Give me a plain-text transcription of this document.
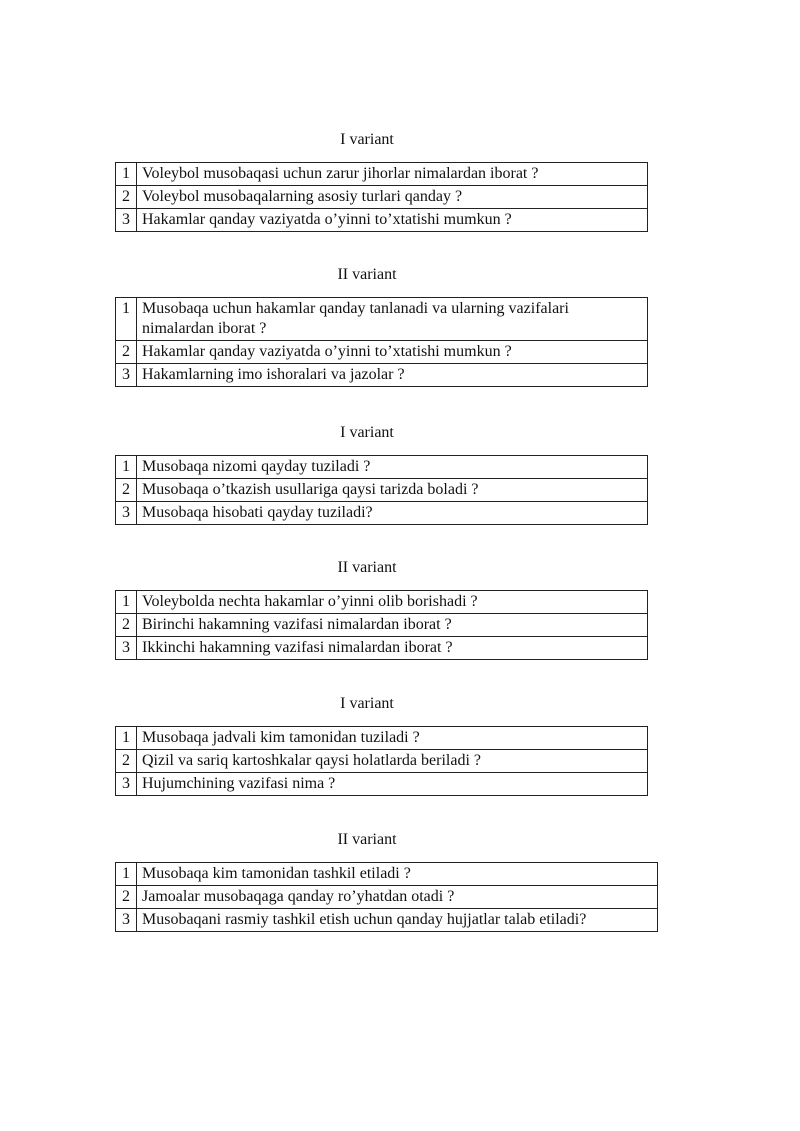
I variant
1	Voleybol musobaqasi uchun zarur jihorlar nimalardan iborat ?
2	Voleybol musobaqalarning asosiy turlari qanday ?
3	Hakamlar qanday vaziyatda o’yinni to’xtatishi mumkun ?
II variant
1	Musobaqa uchun hakamlar qanday tanlanadi va ularning vazifalari nimalardan iborat ?
2	Hakamlar qanday vaziyatda o’yinni to’xtatishi mumkun ?
3	Hakamlarning imo ishoralari va jazolar ?
I variant
1	Musobaqa nizomi qayday tuziladi ?
2	Musobaqa o’tkazish usullariga qaysi tarizda boladi ?
3	Musobaqa hisobati qayday tuziladi?
II variant
1	Voleybolda nechta hakamlar o’yinni olib borishadi ?
2	Birinchi hakamning vazifasi nimalardan iborat ?
3	Ikkinchi hakamning vazifasi nimalardan iborat ?
I variant
1	Musobaqa jadvali kim tamonidan tuziladi ?
2	Qizil va sariq kartoshkalar qaysi holatlarda beriladi ?
3	Hujumchining vazifasi nima ?
II variant
1	Musobaqa kim tamonidan tashkil etiladi ?
2	Jamoalar musobaqaga qanday ro’yhatdan otadi ?
3	Musobaqani rasmiy tashkil etish uchun qanday hujjatlar talab etiladi?
